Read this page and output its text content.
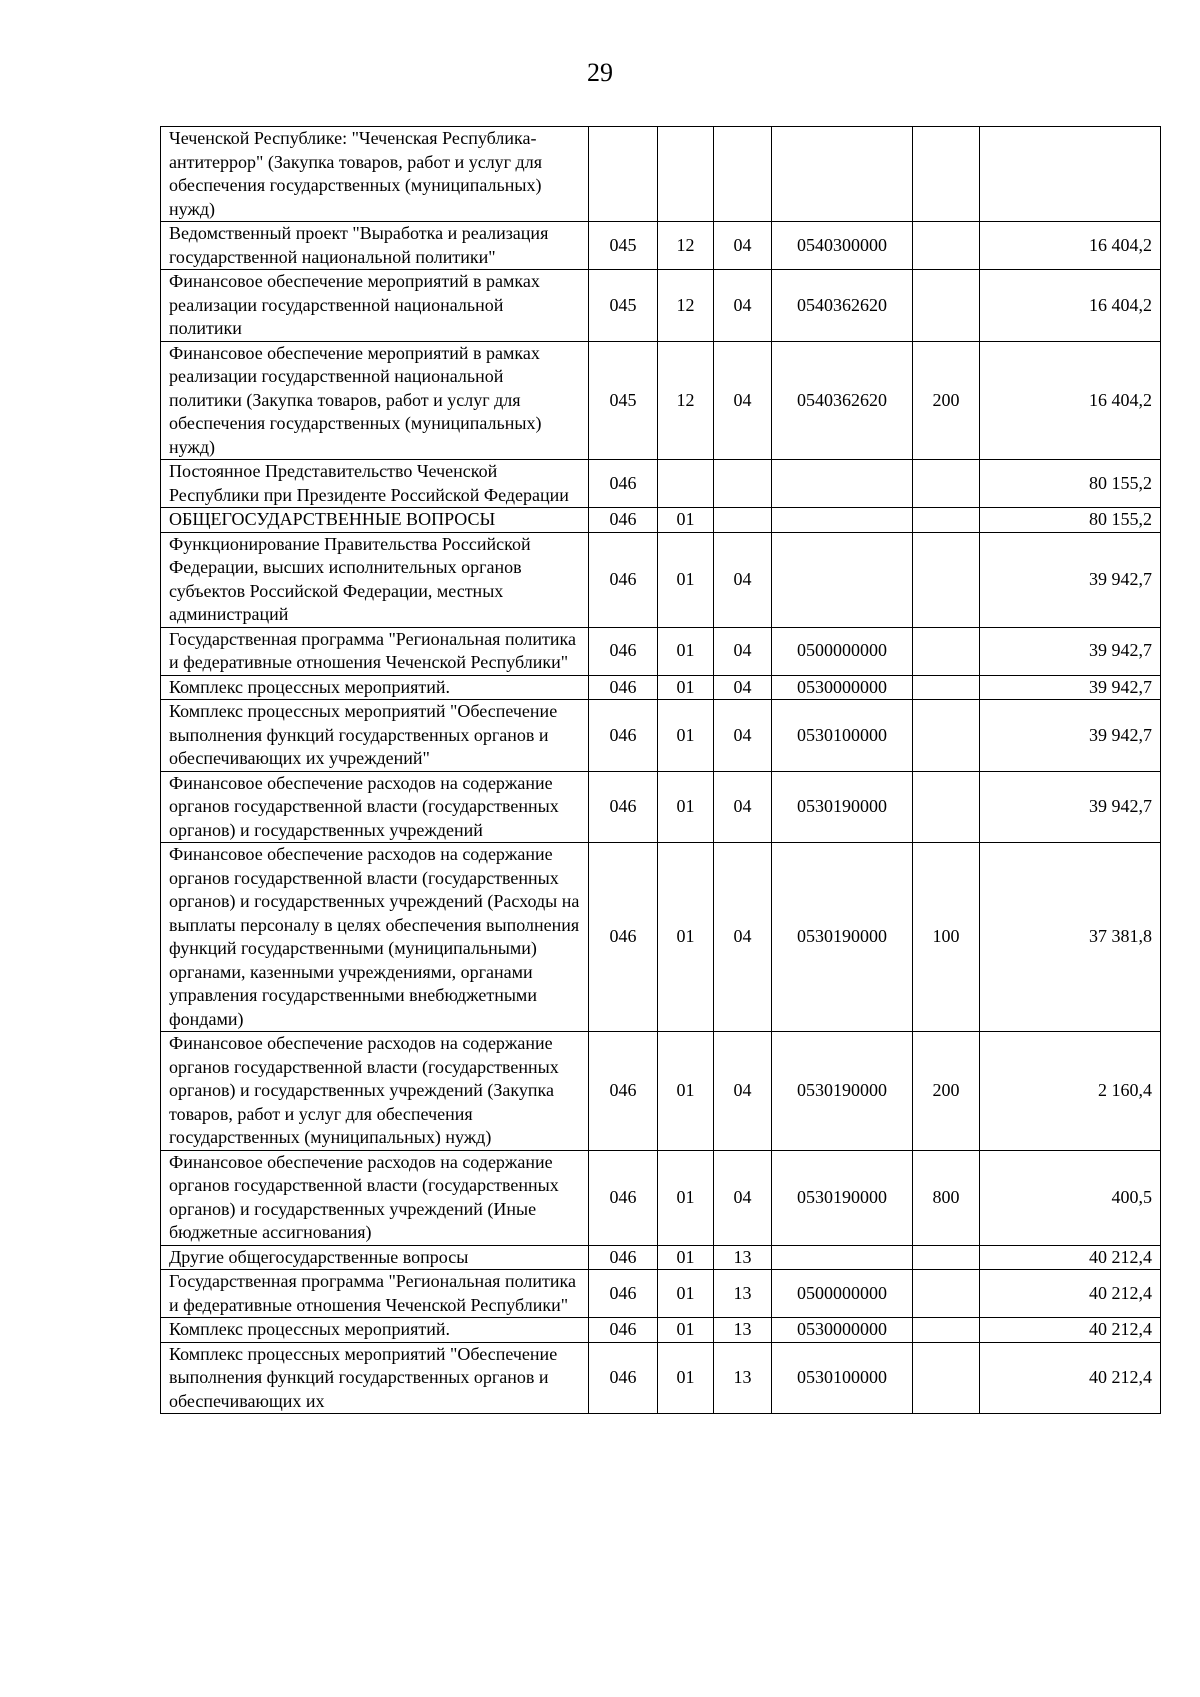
29
Чеченской Республике: "Чеченская Республика-антитеррор" (Закупка товаров, работ и услуг для обеспечения государственных (муниципальных) нужд)						
Ведомственный проект "Выработка и реализация государственной национальной политики"	045	12	04	0540300000		16 404,2
Финансовое обеспечение мероприятий в рамках реализации государственной национальной политики	045	12	04	0540362620		16 404,2
Финансовое обеспечение мероприятий в рамках реализации государственной национальной политики (Закупка товаров, работ и услуг для обеспечения государственных (муниципальных) нужд)	045	12	04	0540362620	200	16 404,2
Постоянное Представительство Чеченской Республики при Президенте Российской Федерации	046					80 155,2
ОБЩЕГОСУДАРСТВЕННЫЕ ВОПРОСЫ	046	01				80 155,2
Функционирование Правительства Российской Федерации, высших исполнительных органов субъектов Российской Федерации, местных администраций	046	01	04			39 942,7
Государственная программа "Региональная политика и федеративные отношения Чеченской Республики"	046	01	04	0500000000		39 942,7
Комплекс процессных мероприятий.	046	01	04	0530000000		39 942,7
Комплекс процессных мероприятий "Обеспечение выполнения функций государственных органов и обеспечивающих их учреждений"	046	01	04	0530100000		39 942,7
Финансовое обеспечение расходов на содержание органов государственной власти (государственных органов) и государственных учреждений	046	01	04	0530190000		39 942,7
Финансовое обеспечение расходов на содержание органов государственной власти (государственных органов) и государственных учреждений (Расходы на выплаты персоналу в целях обеспечения выполнения функций государственными (муниципальными) органами, казенными учреждениями, органами управления государственными внебюджетными фондами)	046	01	04	0530190000	100	37 381,8
Финансовое обеспечение расходов на содержание органов государственной власти (государственных органов) и государственных учреждений (Закупка товаров, работ и услуг для обеспечения государственных (муниципальных) нужд)	046	01	04	0530190000	200	2 160,4
Финансовое обеспечение расходов на содержание органов государственной власти (государственных органов) и государственных учреждений (Иные бюджетные ассигнования)	046	01	04	0530190000	800	400,5
Другие общегосударственные вопросы	046	01	13			40 212,4
Государственная программа "Региональная политика и федеративные отношения Чеченской Республики"	046	01	13	0500000000		40 212,4
Комплекс процессных мероприятий.	046	01	13	0530000000		40 212,4
Комплекс процессных мероприятий "Обеспечение выполнения функций государственных органов и обеспечивающих их	046	01	13	0530100000		40 212,4
